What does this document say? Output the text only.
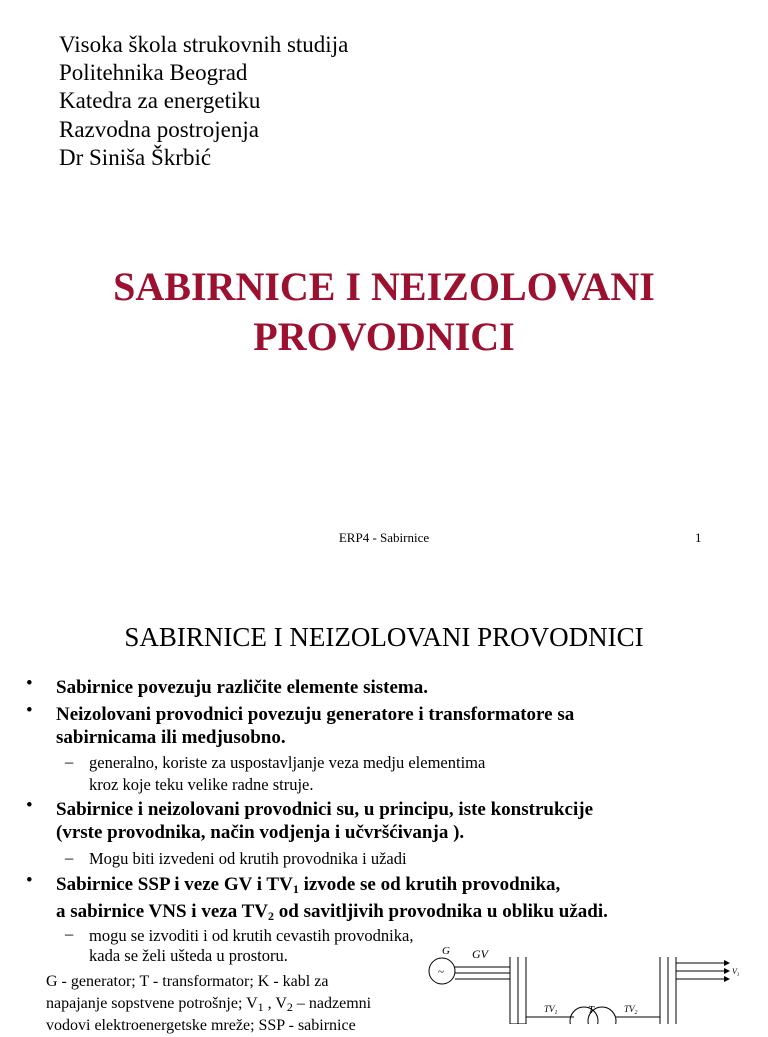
Visoka škola strukovnih studija
Politehnika Beograd
Katedra za energetiku
Razvodna postrojenja
Dr Siniša Škrbić
SABIRNICE I NEIZOLOVANI
PROVODNICI
ERP4 - Sabirnice	1
SABIRNICE I NEIZOLOVANI PROVODNICI
• Sabirnice povezuju različite elemente sistema.
• Neizolovani provodnici povezuju generatore i transformatore sa
sabirnicama ili medjusobno.
– generalno, koriste za uspostavljanje veza medju elementima
kroz koje teku velike radne struje.
• Sabirnice i neizolovani provodnici su, u principu, iste konstrukcije
(vrste provodnika, način vodjenja i učvršćivanja ).
– Mogu biti izvedeni od krutih provodnika i užadi
• Sabirnice SSP i veze GV i $TV_1$ izvode se od krutih provodnika,
a sabirnice VNS i veza $TV_2$ od savitljivih provodnika u obliku užadi.
– mogu se izvoditi i od krutih cevastih provodnika,
kada se želi ušteda u prostoru.
G - generator; T - transformator; K - kabl za
napajanje sopstvene potrošnje; $V_1$ , $V_2$ – nadzemni
vodovi elektroenergetske mreže; SSP - sabirnice
~
G GV
$TV_1$	T	$TV_2$
$V_1$
